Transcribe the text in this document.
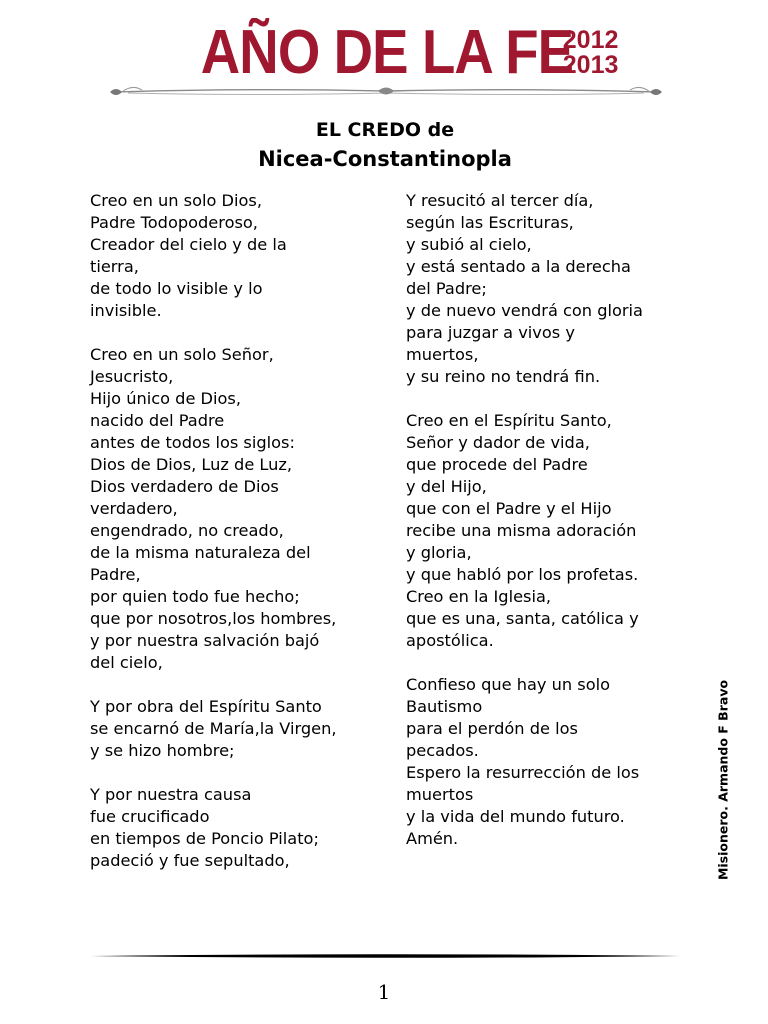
AÑO DE LA FE
2012
2013
EL CREDO de
Nicea-Constantinopla
Creo en un solo Dios,
Padre Todopoderoso,
Creador del cielo y de la
tierra,
de todo lo visible y lo
invisible.
Creo en un solo Señor,
Jesucristo,
Hijo único de Dios,
nacido del Padre
antes de todos los siglos:
Dios de Dios, Luz de Luz,
Dios verdadero de Dios
verdadero,
engendrado, no creado,
de la misma naturaleza del
Padre,
por quien todo fue hecho;
que por nosotros,los hombres,
y por nuestra salvación bajó
del cielo,
Y por obra del Espíritu Santo
se encarnó de María,la Virgen,
y se hizo hombre;
Y por nuestra causa
fue crucificado
en tiempos de Poncio Pilato;
padeció y fue sepultado,
Y resucitó al tercer día,
según las Escrituras,
y subió al cielo,
y está sentado a la derecha
del Padre;
y de nuevo vendrá con gloria
para juzgar a vivos y
muertos,
y su reino no tendrá fin.
Creo en el Espíritu Santo,
Señor y dador de vida,
que procede del Padre
y del Hijo,
que con el Padre y el Hijo
recibe una misma adoración
y gloria,
y que habló por los profetas.
Creo en la Iglesia,
que es una, santa, católica y
apostólica.
Confieso que hay un solo
Bautismo
para el perdón de los
pecados.
Espero la resurrección de los
muertos
y la vida del mundo futuro.
Amén.	Misionero. Armando F Bravo
1
